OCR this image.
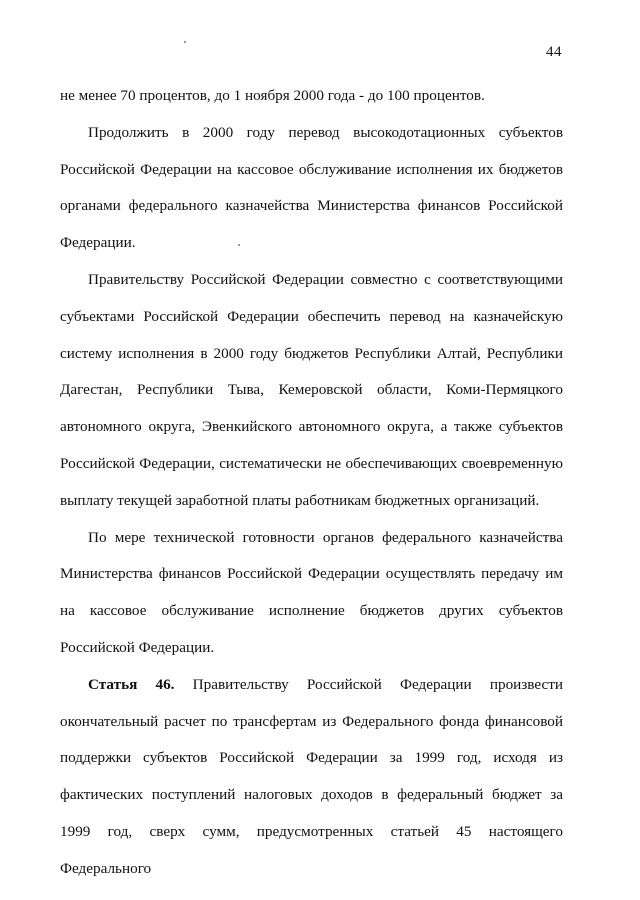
44

не менее 70 процентов, до 1 ноября 2000 года - до 100 процентов.

Продолжить в 2000 году перевод высокодотационных субъектов Российской Федерации на кассовое обслуживание исполнения их бюджетов органами федерального казначейства Министерства финансов Российской Федерации.

Правительству Российской Федерации совместно с соответствующими субъектами Российской Федерации обеспечить перевод на казначейскую систему исполнения в 2000 году бюджетов Республики Алтай, Республики Дагестан, Республики Тыва, Кемеровской области, Коми-Пермяцкого автономного округа, Эвенкийского автономного округа, а также субъектов Российской Федерации, систематически не обеспечивающих своевременную выплату текущей заработной платы работникам бюджетных организаций.

По мере технической готовности органов федерального казначейства Министерства финансов Российской Федерации осуществлять передачу им на кассовое обслуживание исполнение бюджетов других субъектов Российской Федерации.

Статья 46. Правительству Российской Федерации произвести окончательный расчет по трансфертам из Федерального фонда финансовой поддержки субъектов Российской Федерации за 1999 год, исходя из фактических поступлений налоговых доходов в федеральный бюджет за 1999 год, сверх сумм, предусмотренных статьей 45 настоящего Федерального
